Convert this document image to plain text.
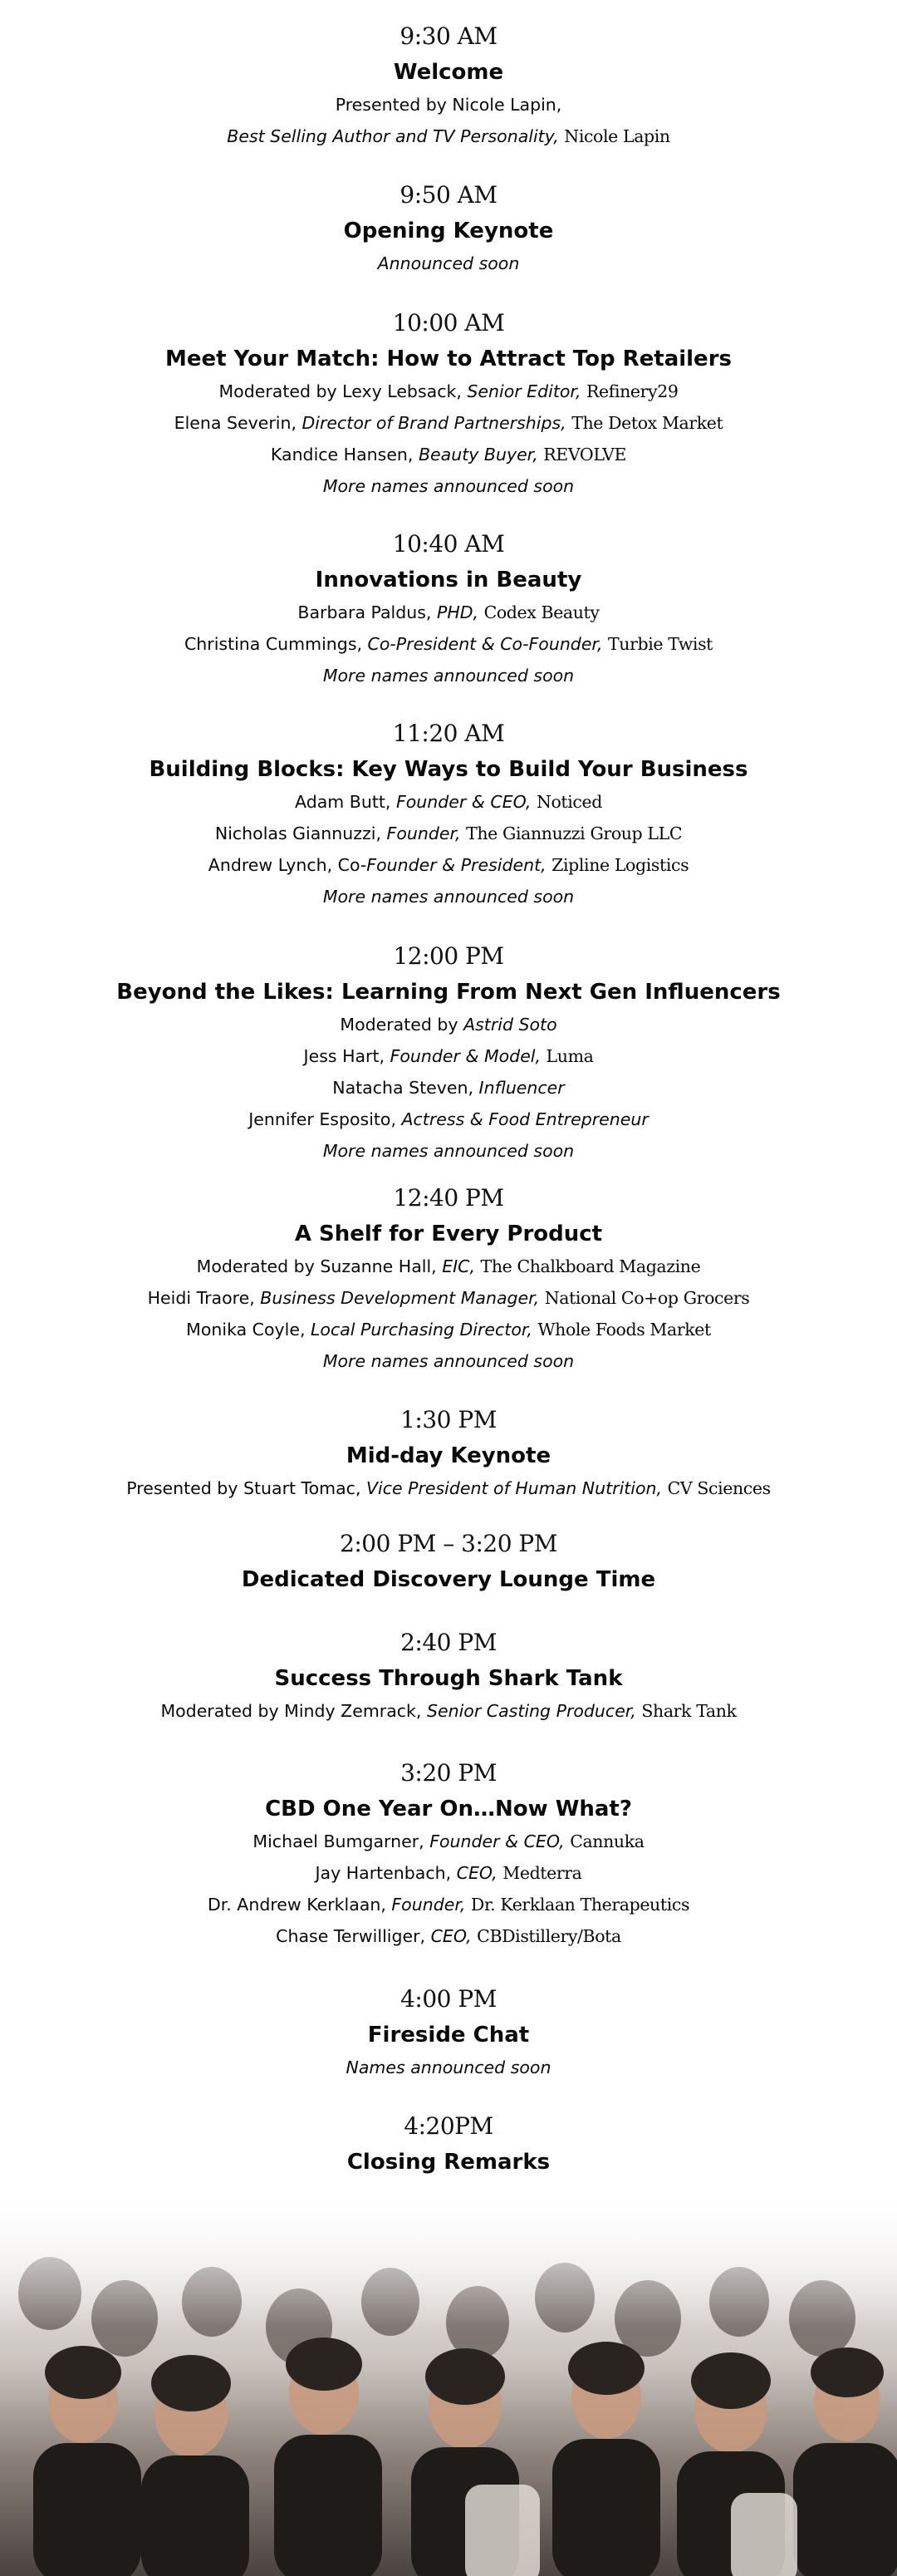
9:30 AM
Welcome
Presented by Nicole Lapin,
Best Selling Author and TV Personality, Nicole Lapin
9:50 AM
Opening Keynote
Announced soon
10:00 AM
Meet Your Match: How to Attract Top Retailers
Moderated by Lexy Lebsack, Senior Editor, Refinery29
Elena Severin, Director of Brand Partnerships, The Detox Market
Kandice Hansen, Beauty Buyer, REVOLVE
More names announced soon
10:40 AM
Innovations in Beauty
Barbara Paldus, PHD, Codex Beauty
Christina Cummings, Co-President & Co-Founder, Turbie Twist
More names announced soon
11:20 AM
Building Blocks: Key Ways to Build Your Business
Adam Butt, Founder & CEO, Noticed
Nicholas Giannuzzi, Founder, The Giannuzzi Group LLC
Andrew Lynch, Co-Founder & President, Zipline Logistics
More names announced soon
12:00 PM
Beyond the Likes: Learning From Next Gen Influencers
Moderated by Astrid Soto
Jess Hart, Founder & Model, Luma
Natacha Steven, Influencer
Jennifer Esposito, Actress & Food Entrepreneur
More names announced soon
12:40 PM
A Shelf for Every Product
Moderated by Suzanne Hall, EIC, The Chalkboard Magazine
Heidi Traore, Business Development Manager, National Co+op Grocers
Monika Coyle, Local Purchasing Director, Whole Foods Market
More names announced soon
1:30 PM
Mid-day Keynote
Presented by Stuart Tomac, Vice President of Human Nutrition, CV Sciences
2:00 PM – 3:20 PM
Dedicated Discovery Lounge Time
2:40 PM
Success Through Shark Tank
Moderated by Mindy Zemrack, Senior Casting Producer, Shark Tank
3:20 PM
CBD One Year On…Now What?
Michael Bumgarner, Founder & CEO, Cannuka
Jay Hartenbach, CEO, Medterra
Dr. Andrew Kerklaan, Founder, Dr. Kerklaan Therapeutics
Chase Terwilliger, CEO, CBDistillery/Bota
4:00 PM
Fireside Chat
Names announced soon
4:20PM
Closing Remarks
